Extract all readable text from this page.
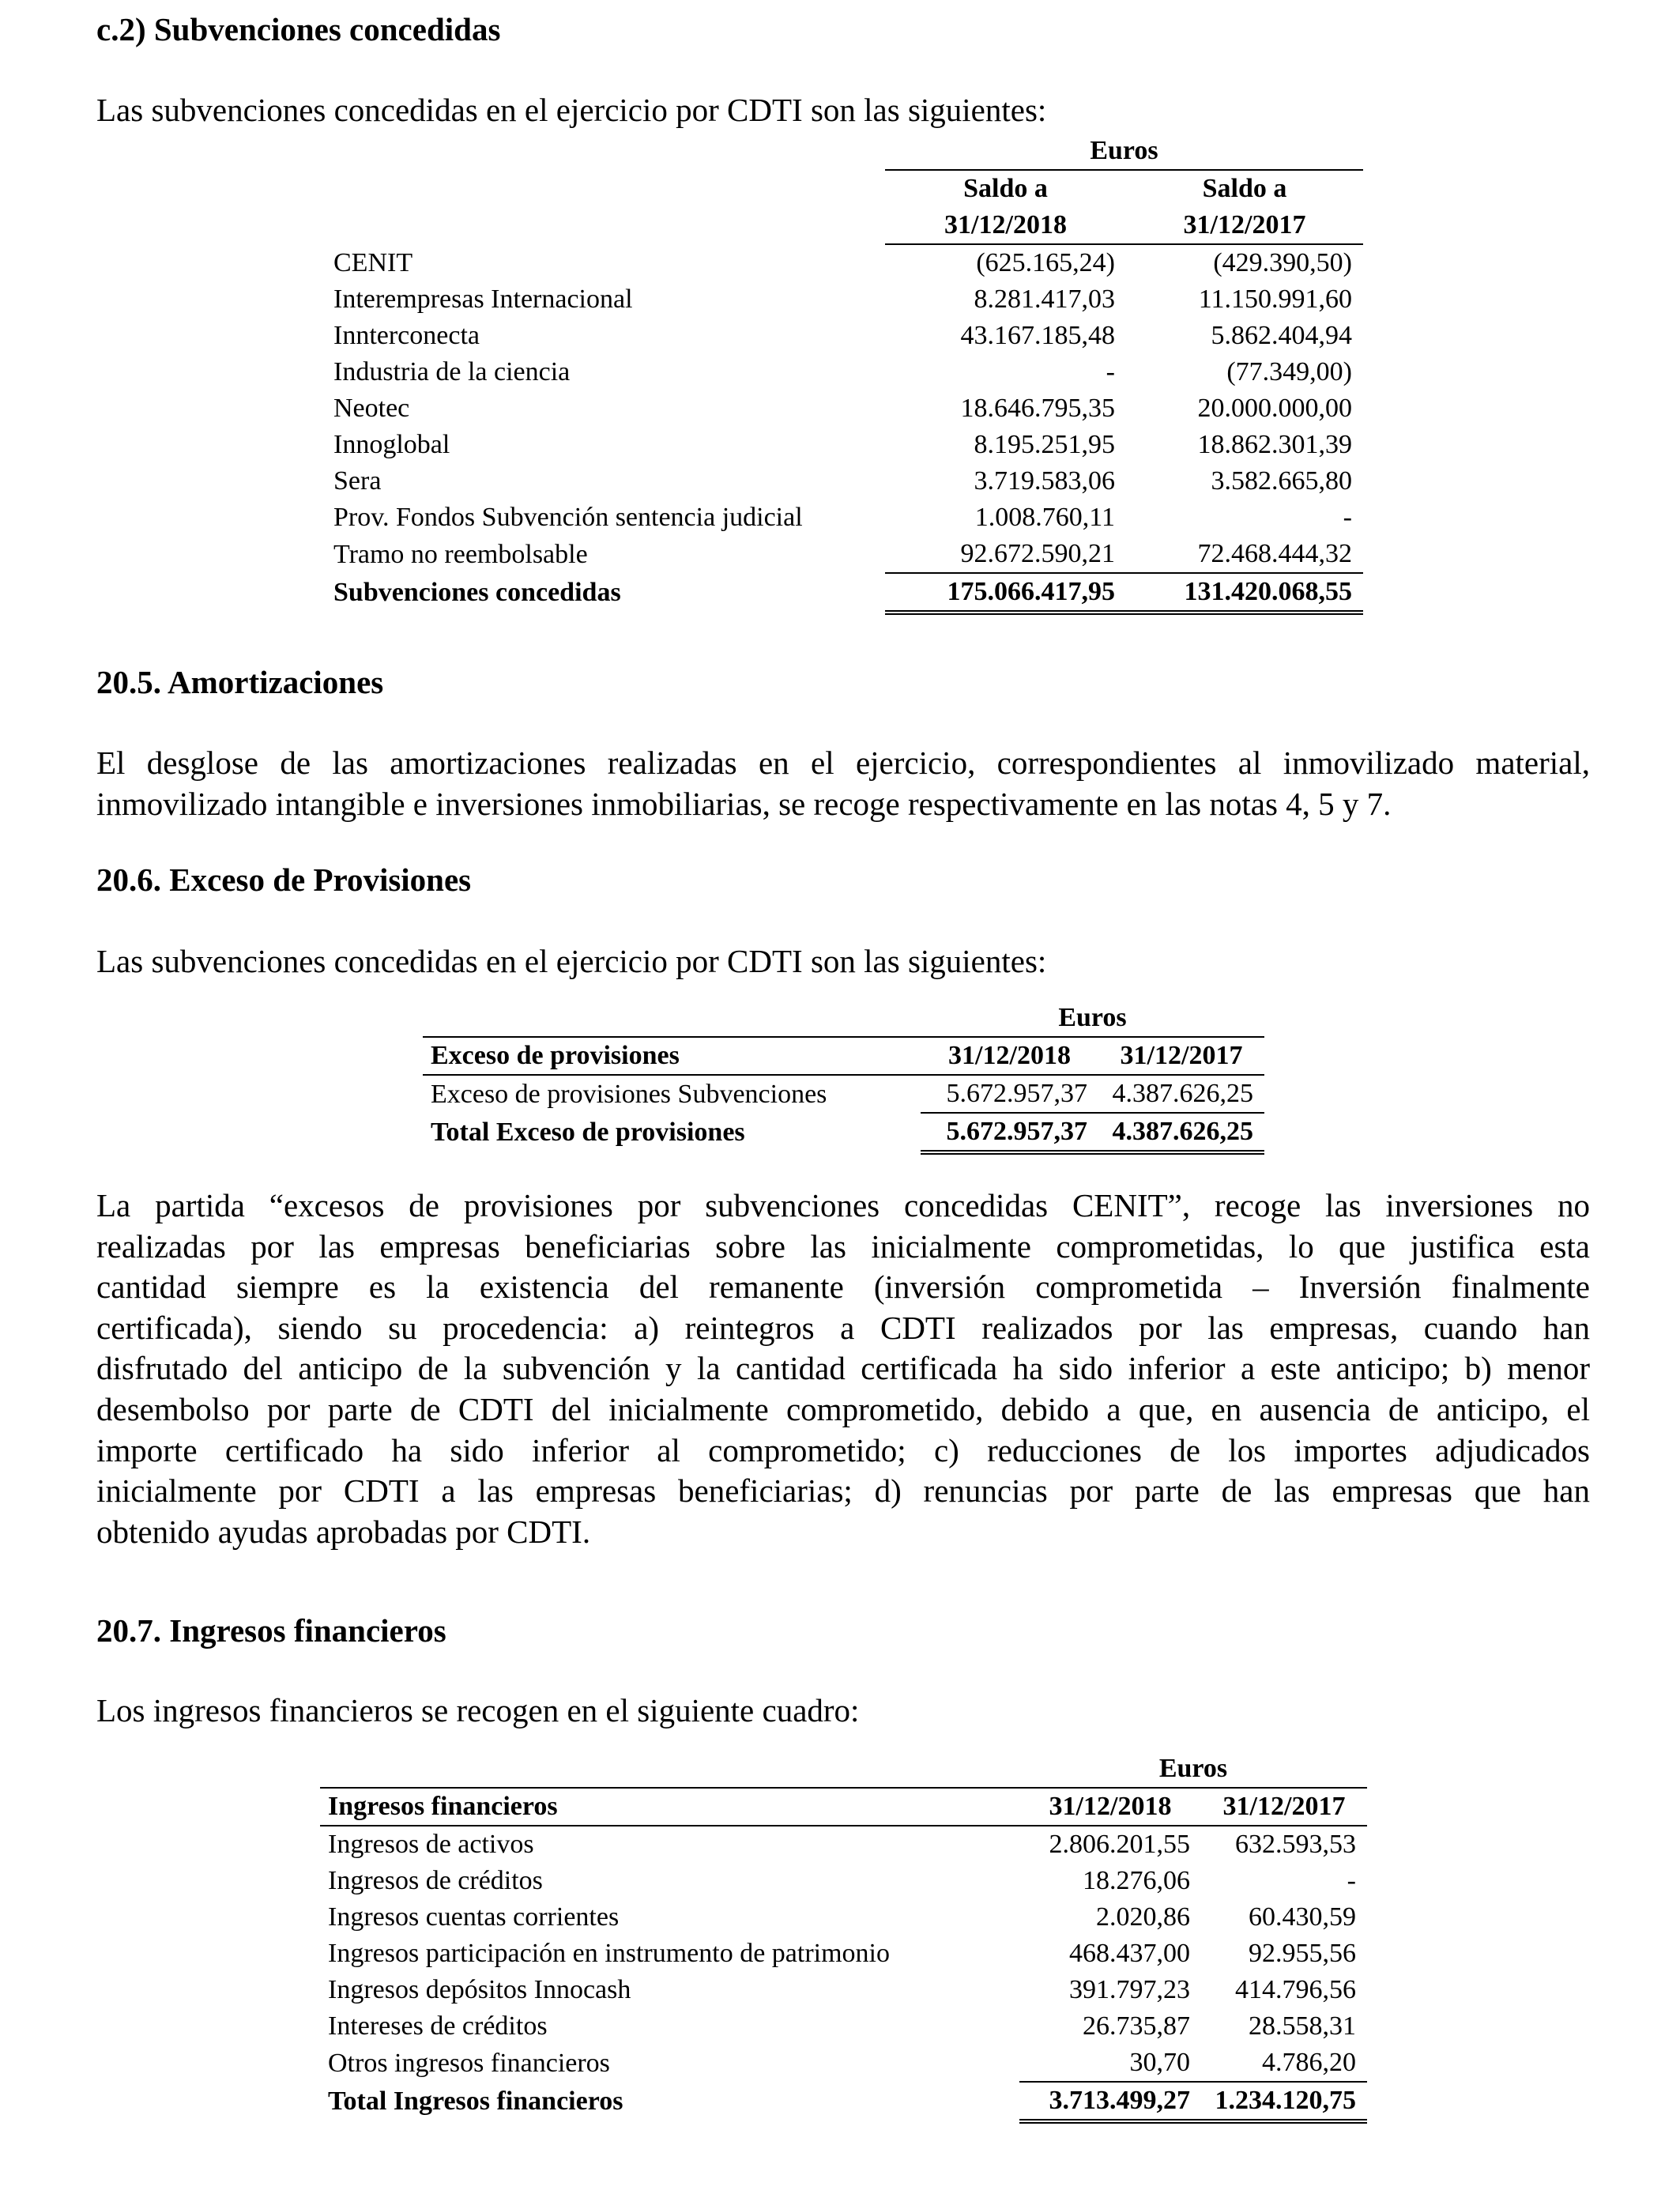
c.2) Subvenciones concedidas

Las subvenciones concedidas en el ejercicio por CDTI son las siguientes:

	Euros	
	Saldo a	Saldo a
	31/12/2018	31/12/2017
CENIT	(625.165,24)	(429.390,50)
Interempresas Internacional	8.281.417,03	11.150.991,60
Innterconecta	43.167.185,48	5.862.404,94
Industria de la ciencia	-	(77.349,00)
Neotec	18.646.795,35	20.000.000,00
Innoglobal	8.195.251,95	18.862.301,39
Sera	3.719.583,06	3.582.665,80
Prov. Fondos Subvención sentencia judicial	1.008.760,11	-
Tramo no reembolsable	92.672.590,21	72.468.444,32
Subvenciones concedidas	175.066.417,95	131.420.068,55
20.5. Amortizaciones
El desglose de las amortizaciones realizadas en el ejercicio, correspondientes al inmovilizado material,
inmovilizado intangible e inversiones inmobiliarias, se recoge respectivamente en las notas 4, 5 y 7.
20.6. Exceso de Provisiones

Las subvenciones concedidas en el ejercicio por CDTI son las siguientes:

	Euros	
Exceso de provisiones	31/12/2018	31/12/2017
Exceso de provisiones Subvenciones	5.672.957,37	4.387.626,25
Total Exceso de provisiones	5.672.957,37	4.387.626,25
La partida “excesos de provisiones por subvenciones concedidas CENIT”, recoge las inversiones no
realizadas por las empresas beneficiarias sobre las inicialmente comprometidas, lo que justifica esta
cantidad siempre es la existencia del remanente (inversión comprometida – Inversión finalmente
certificada), siendo su procedencia: a) reintegros a CDTI realizados por las empresas, cuando han
disfrutado del anticipo de la subvención y la cantidad certificada ha sido inferior a este anticipo; b) menor
desembolso por parte de CDTI del inicialmente comprometido, debido a que, en ausencia de anticipo, el
importe certificado ha sido inferior al comprometido; c) reducciones de los importes adjudicados
inicialmente por CDTI a las empresas beneficiarias; d) renuncias por parte de las empresas que han
obtenido ayudas aprobadas por CDTI.
20.7. Ingresos financieros

Los ingresos financieros se recogen en el siguiente cuadro:

	Euros	
Ingresos financieros	31/12/2018	31/12/2017
Ingresos de activos	2.806.201,55	632.593,53
Ingresos de créditos	18.276,06	-
Ingresos cuentas corrientes	2.020,86	60.430,59
Ingresos participación en instrumento de patrimonio	468.437,00	92.955,56
Ingresos depósitos Innocash	391.797,23	414.796,56
Intereses de créditos	26.735,87	28.558,31
Otros ingresos financieros	30,70	4.786,20
Total Ingresos financieros	3.713.499,27	1.234.120,75
